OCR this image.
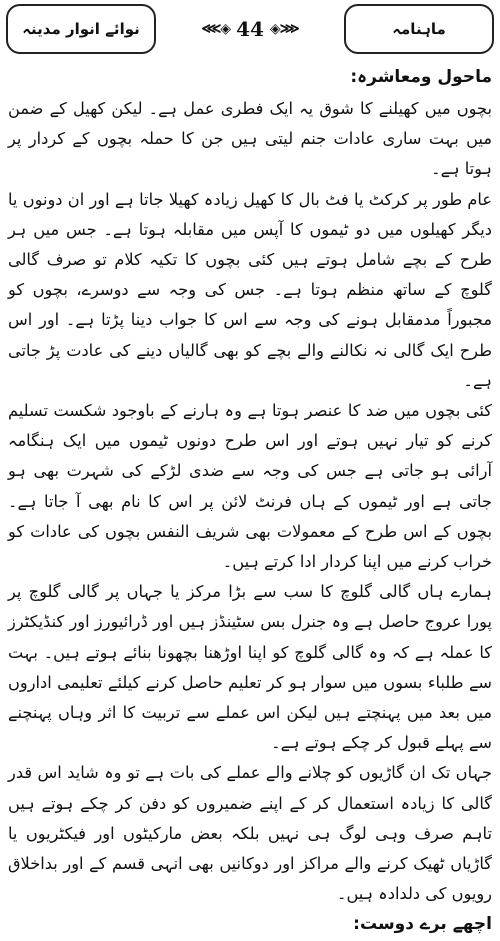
ماہنامہ
⋘◈ 44 ◈⋙
نوائے انوار مدینہ
ماحول ومعاشرہ:

بچوں میں کھیلنے کا شوق یہ ایک فطری عمل ہے۔ لیکن کھیل کے ضمن میں بہت ساری عادات جنم لیتی ہیں جن کا حملہ بچوں کے کردار پر ہوتا ہے۔

عام طور پر کرکٹ یا فٹ بال کا کھیل زیادہ کھیلا جاتا ہے اور ان دونوں یا دیگر کھیلوں میں دو ٹیموں کا آپس میں مقابلہ ہوتا ہے۔ جس میں ہر طرح کے بچے شامل ہوتے ہیں کئی بچوں کا تکیہ کلام تو صرف گالی گلوچ کے ساتھ منظم ہوتا ہے۔ جس کی وجہ سے دوسرے، بچوں کو مجبوراً مدمقابل ہونے کی وجہ سے اس کا جواب دینا پڑتا ہے۔ اور اس طرح ایک گالی نہ نکالنے والے بچے کو بھی گالیاں دینے کی عادت پڑ جاتی ہے۔

کئی بچوں میں ضد کا عنصر ہوتا ہے وہ ہارنے کے باوجود شکست تسلیم کرنے کو تیار نہیں ہوتے اور اس طرح دونوں ٹیموں میں ایک ہنگامہ آرائی ہو جاتی ہے جس کی وجہ سے ضدی لڑکے کی شہرت بھی ہو جاتی ہے اور ٹیموں کے ہاں فرنٹ لائن پر اس کا نام بھی آ جاتا ہے۔ بچوں کے اس طرح کے معمولات بھی شریف النفس بچوں کی عادات کو خراب کرنے میں اپنا کردار ادا کرتے ہیں۔

ہمارے ہاں گالی گلوچ کا سب سے بڑا مرکز یا جہاں پر گالی گلوچ پر پورا عروج حاصل ہے وہ جنرل بس سٹینڈز ہیں اور ڈرائیورز اور کنڈیکٹرز کا عملہ ہے کہ وہ گالی گلوچ کو اپنا اوڑھنا بچھونا بنائے ہوتے ہیں۔ بہت سے طلباء بسوں میں سوار ہو کر تعلیم حاصل کرنے کیلئے تعلیمی اداروں میں بعد میں پہنچتے ہیں لیکن اس عملے سے تربیت کا اثر وہاں پہنچنے سے پہلے قبول کر چکے ہوتے ہے۔

جہاں تک ان گاڑیوں کو چلانے والے عملے کی بات ہے تو وہ شاید اس قدر گالی کا زیادہ استعمال کر کے اپنے ضمیروں کو دفن کر چکے ہوتے ہیں تاہم صرف وہی لوگ ہی نہیں بلکہ بعض مارکیٹوں اور فیکٹریوں یا گاڑیاں ٹھیک کرنے والے مراکز اور دوکانیں بھی انہی قسم کے اور بداخلاق رویوں کی دلدادہ ہیں۔

اچھے برے دوست:
